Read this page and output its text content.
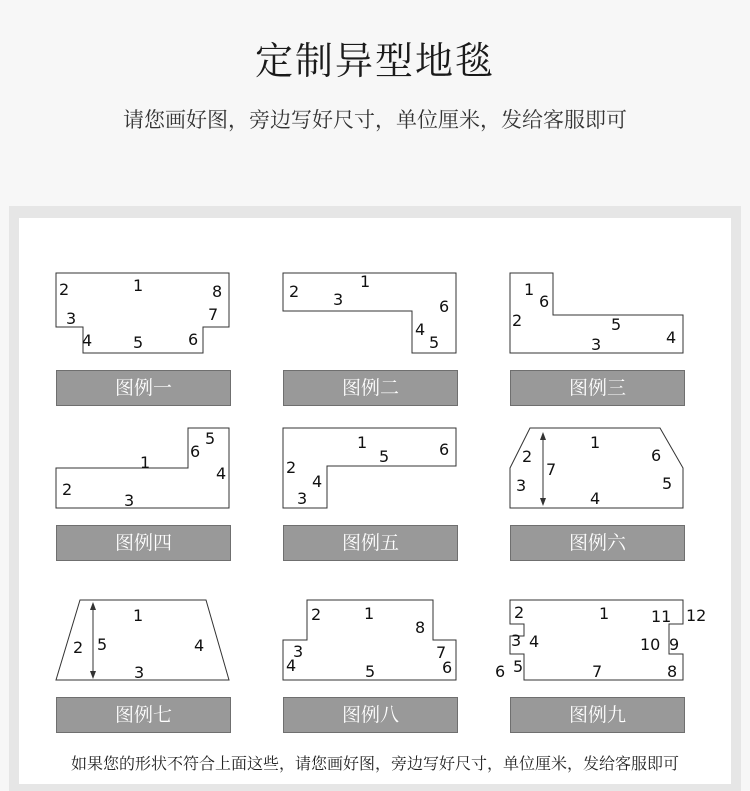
定制异型地毯
请您画好图，旁边写好尺寸，单位厘米，发给客服即可
1
2
3
4	5	6
7
8
图例一
1
2 3
4
5
6
图例二
1
2
3	4
5
6
图例三
1
2
3
4
5
6
图例四
1
2
3
4
5	6
图例五
1
2
3
4
5
6
7
图例六
1
2
3
4
5
图例七
1
2
3
4	5	6
7
8
图例八
1
2
3 4
5
6	7	8
9
10
11 12
图例九
如果您的形状不符合上面这些，请您画好图，旁边写好尺寸，单位厘米，发给客服即可
